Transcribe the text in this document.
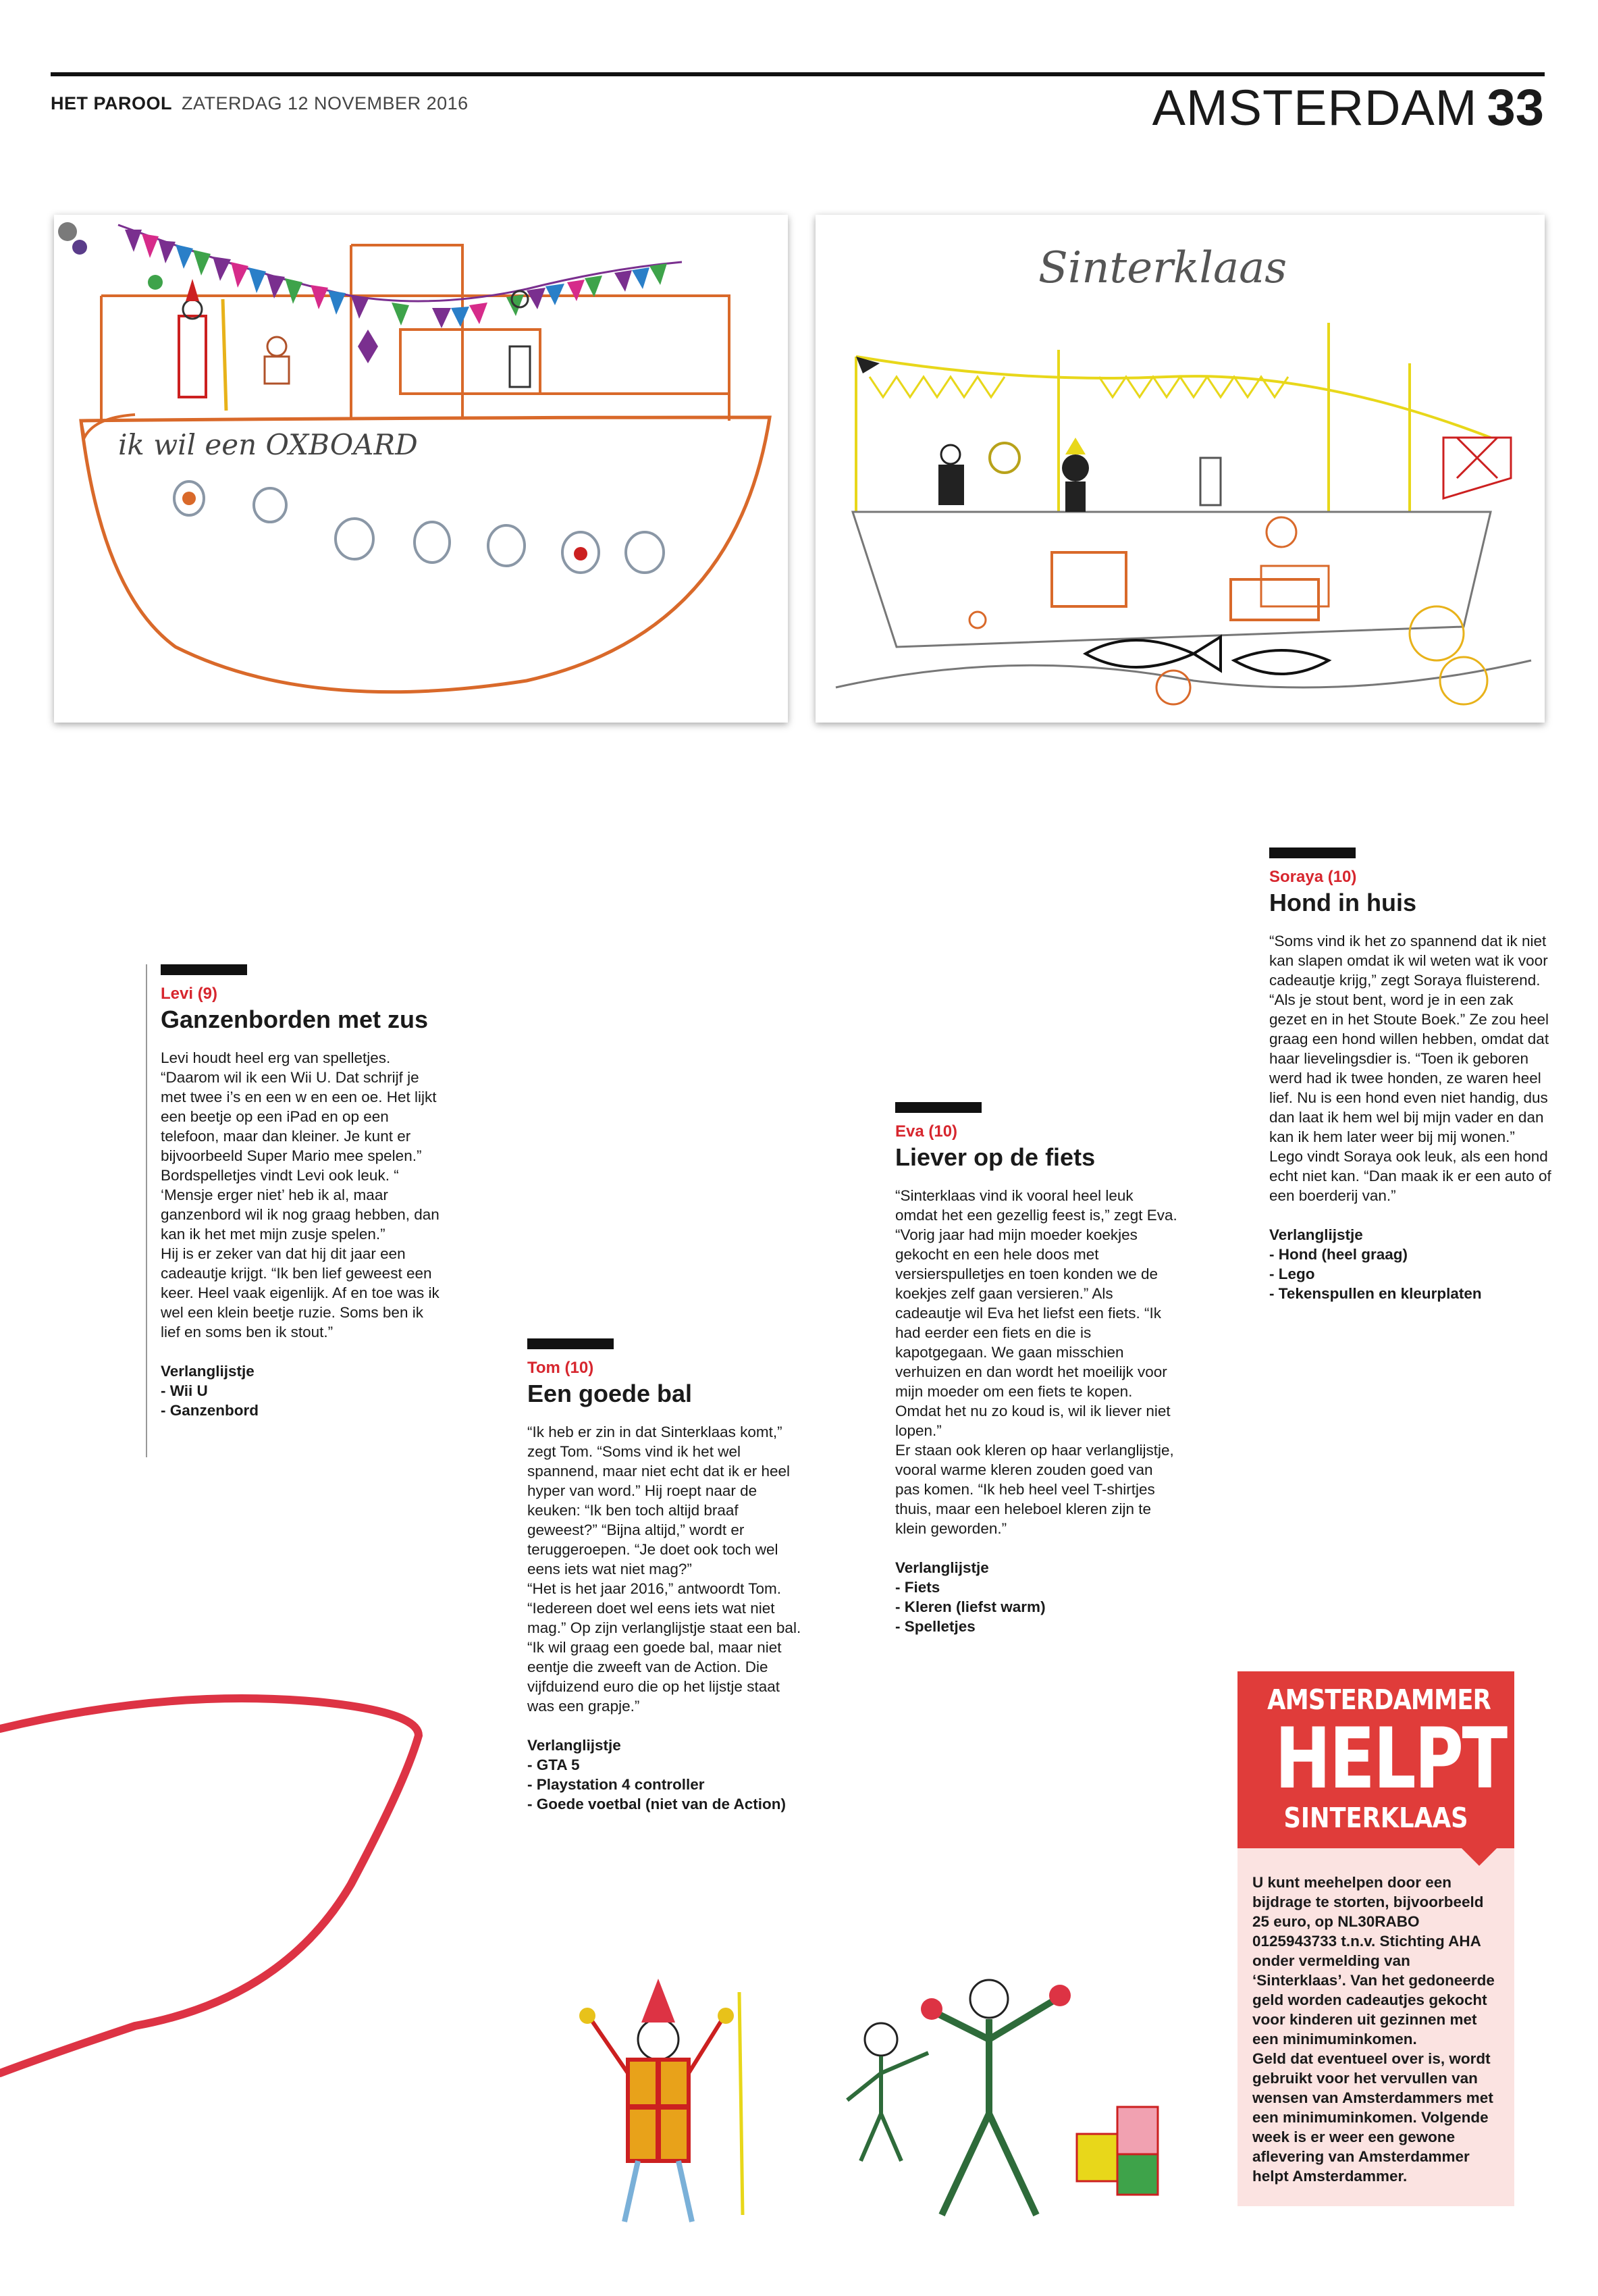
HET PAROOL ZATERDAG 12 NOVEMBER 2016	AMSTERDAM 33
ik wil een OXBOARD
Sinterklaas
Levi (9)
Ganzenborden met zus

Levi houdt heel erg van spelletjes. “Daarom wil ik een Wii U. Dat schrijf je met twee i’s en een w en een oe. Het lijkt een beetje op een iPad en op een telefoon, maar dan kleiner. Je kunt er bijvoorbeeld Super Mario mee spelen.” Bordspelletjes vindt Levi ook leuk. “ ‘Mensje erger niet’ heb ik al, maar ganzenbord wil ik nog graag hebben, dan kan ik het met mijn zusje spelen.”

Hij is er zeker van dat hij dit jaar een cadeautje krijgt. “Ik ben lief geweest een keer. Heel vaak eigenlijk. Af en toe was ik wel een klein beetje ruzie. Soms ben ik lief en soms ben ik stout.”

Verlanglijstje
- Wii U
- Ganzenbord
Tom (10)
Een goede bal

“Ik heb er zin in dat Sinterklaas komt,” zegt Tom. “Soms vind ik het wel spannend, maar niet echt dat ik er heel hyper van word.” Hij roept naar de keuken: “Ik ben toch altijd braaf geweest?” “Bijna altijd,” wordt er teruggeroepen. “Je doet ook toch wel eens iets wat niet mag?”

“Het is het jaar 2016,” antwoordt Tom. “Iedereen doet wel eens iets wat niet mag.” Op zijn verlanglijstje staat een bal. “Ik wil graag een goede bal, maar niet eentje die zweeft van de Action. Die vijfduizend euro die op het lijstje staat was een grapje.”

Verlanglijstje
- GTA 5
- Playstation 4 controller
- Goede voetbal (niet van de Action)
Eva (10)
Liever op de fiets

“Sinterklaas vind ik vooral heel leuk omdat het een gezellig feest is,” zegt Eva. “Vorig jaar had mijn moeder koekjes gekocht en een hele doos met versierspulletjes en toen konden we de koekjes zelf gaan versieren.” Als cadeautje wil Eva het liefst een fiets. “Ik had eerder een fiets en die is kapotgegaan. We gaan misschien verhuizen en dan wordt het moeilijk voor mijn moeder om een fiets te kopen. Omdat het nu zo koud is, wil ik liever niet lopen.”

Er staan ook kleren op haar verlanglijstje, vooral warme kleren zouden goed van pas komen. “Ik heb heel veel T-shirtjes thuis, maar een heleboel kleren zijn te klein geworden.”

Verlanglijstje
- Fiets
- Kleren (liefst warm)
- Spelletjes
Soraya (10)
Hond in huis

“Soms vind ik het zo spannend dat ik niet kan slapen omdat ik wil weten wat ik voor cadeautje krijg,” zegt Soraya fluisterend. “Als je stout bent, word je in een zak gezet en in het Stoute Boek.” Ze zou heel graag een hond willen hebben, omdat dat haar lievelingsdier is. “Toen ik geboren werd had ik twee honden, ze waren heel lief. Nu is een hond even niet handig, dus dan laat ik hem wel bij mijn vader en dan kan ik hem later weer bij mij wonen.” Lego vindt Soraya ook leuk, als een hond echt niet kan. “Dan maak ik er een auto of een boerderij van.”

Verlanglijstje
- Hond (heel graag)
- Lego
- Tekenspullen en kleurplaten
AMSTERDAMMER
HELPT
SINTERKLAAS

U kunt meehelpen door een bijdrage te storten, bijvoorbeeld 25 euro, op NL30RABO 0125943733 t.n.v. Stichting AHA onder vermelding van ‘Sinterklaas’. Van het gedoneerde geld worden cadeautjes gekocht voor kinderen uit gezinnen met een minimuminkomen.

Geld dat eventueel over is, wordt gebruikt voor het vervullen van wensen van Amsterdammers met een minimuminkomen. Volgende week is er weer een gewone aflevering van Amsterdammer helpt Amsterdammer.
